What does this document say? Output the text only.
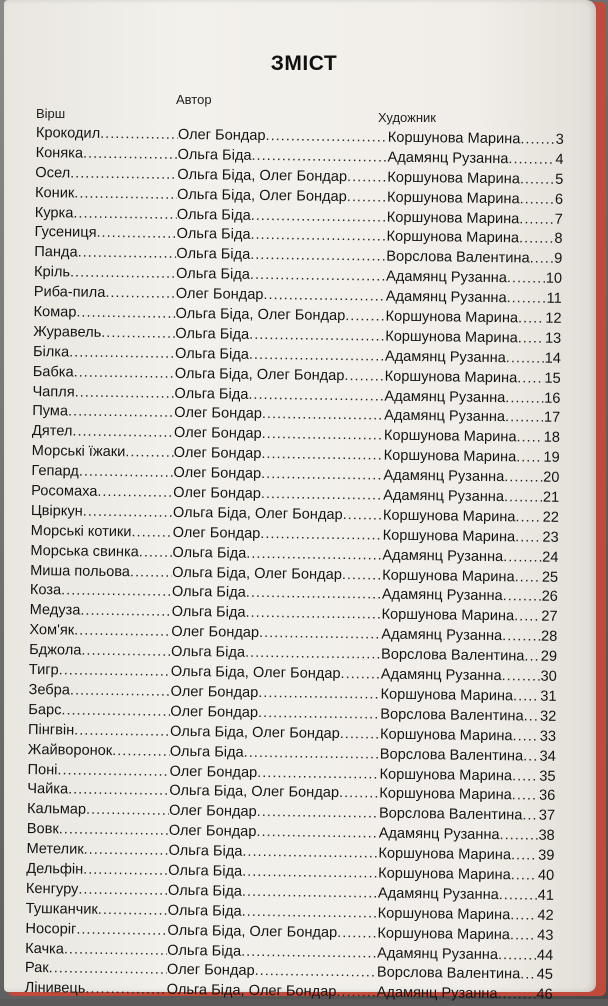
ЗМІСТ
Автор
Вірш	Художник
Крокодил .....	Олег Бондар .....	Коршунова Марина ..... 3
Коняка .....	Ольга Біда .....	Адамянц Рузанна .....	4
Осел .....	Ольга Біда, Олег Бондар .....	Коршунова Марина ..... 5
Коник .....	Ольга Біда, Олег Бондар .....	Коршунова Марина ..... 6
Курка .....	Ольга Біда .....	Коршунова Марина ..... 7
Гусениця .....	Ольга Біда .....	Коршунова Марина ..... 8
Панда .....	Ольга Біда .....	Ворслова Валентина ..... 9
Кріль .....	Ольга Біда .....	Адамянц Рузанна .....	10
Риба-пила .....	Олег Бондар .....	Адамянц Рузанна .....	11
Комар .....	Ольга Біда, Олег Бондар .....	Коршунова Марина ..... 12
Журавель .....	Ольга Біда .....	Коршунова Марина ..... 13
Білка .....	Ольга Біда .....	Адамянц Рузанна .....	14
Бабка .....	Ольга Біда, Олег Бондар .....	Коршунова Марина ..... 15
Чапля .....	Ольга Біда .....	Адамянц Рузанна .....	16
Пума .....	Олег Бондар .....	Адамянц Рузанна .....	17
Дятел .....	Олег Бондар .....	Коршунова Марина ..... 18
Морські їжаки .....	Олег Бондар .....	Коршунова Марина ..... 19
Гепард .....	Олег Бондар .....	Адамянц Рузанна .....	20
Росомаха .....	Олег Бондар .....	Адамянц Рузанна .....	21
Цвіркун .....	Ольга Біда, Олег Бондар .....	Коршунова Марина ..... 22
Морські котики .....	Олег Бондар .....	Коршунова Марина ..... 23
Морська свинка ..... Ольга Біда .....	Адамянц Рузанна .....	24
Миша польова .....	Ольга Біда, Олег Бондар .....	Коршунова Марина ..... 25
Коза .....	Ольга Біда .....	Адамянц Рузанна .....	26
Медуза .....	Ольга Біда .....	Коршунова Марина ..... 27
Хом'як .....	Олег Бондар .....	Адамянц Рузанна .....	28
Бджола .....	Ольга Біда .....	Ворслова Валентина ..... 29
Тигр .....	Ольга Біда, Олег Бондар .....	Адамянц Рузанна .....	30
Зебра .....	Олег Бондар .....	Коршунова Марина ..... 31
Барс .....	Олег Бондар .....	Ворслова Валентина ..... 32
Пінгвін .....	Ольга Біда, Олег Бондар .....	Коршунова Марина ..... 33
Жайворонок .....	Ольга Біда .....	Ворслова Валентина ..... 34
Поні .....	Олег Бондар .....	Коршунова Марина ..... 35
Чайка .....	Ольга Біда, Олег Бондар .....	Коршунова Марина ..... 36
Кальмар .....	Олег Бондар .....	Ворслова Валентина ..... 37
Вовк .....	Олег Бондар .....	Адамянц Рузанна .....	38
Метелик .....	Ольга Біда .....	Коршунова Марина ..... 39
Дельфін .....	Ольга Біда .....	Коршунова Марина ..... 40
Кенгуру .....	Ольга Біда .....	Адамянц Рузанна .....	41
Тушканчик .....	Ольга Біда .....	Коршунова Марина ..... 42
Носоріг .....	Ольга Біда, Олег Бондар .....	Коршунова Марина ..... 43
Качка .....	Ольга Біда .....	Адамянц Рузанна .....	44
Рак .....	Олег Бондар .....	Ворслова Валентина ..... 45
Лінивець .....	Ольга Біда, Олег Бондар .....	Адамянц Рузанна .....	46
